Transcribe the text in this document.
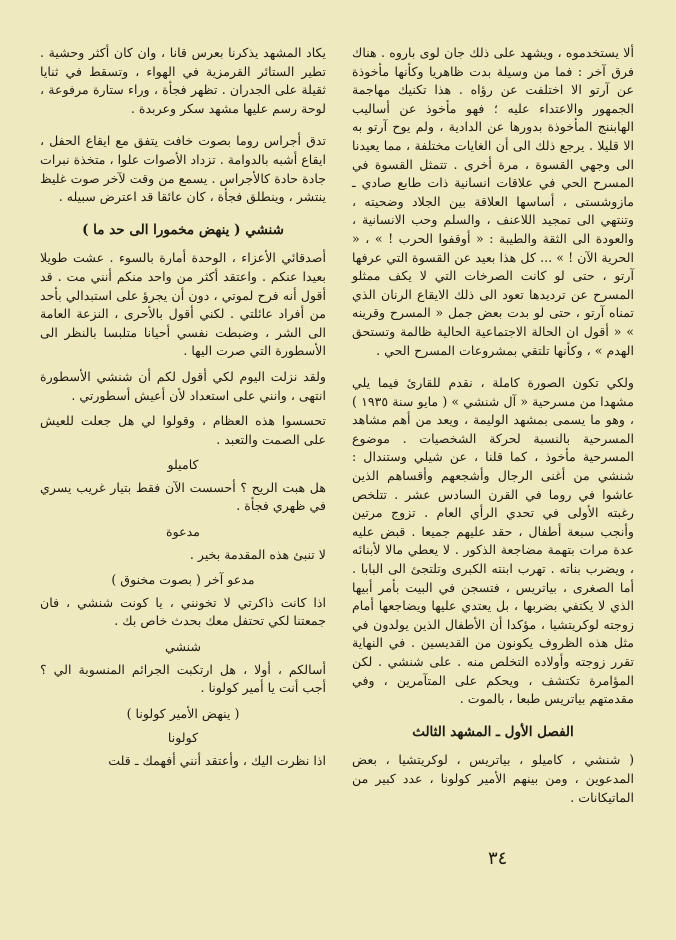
ألا يستخدموه ، ويشهد على ذلك جان لوى باروه . هناك فرق آخر : فما من وسيلة بدت ظاهريا وكأنها مأخوذة عن آرتو الا اختلفت عن رؤاه . هذا تكنيك مهاجمة الجمهور والاعتداء عليه ؛ فهو مأخوذ عن أساليب الهابننج المأخوذة بدورها عن الدادية ، ولم يوح آرتو به الا قليلا . يرجع ذلك الى أن الغايات مختلفة ، مما يعيدنا الى وجهي القسوة ، مرة أخرى . تتمثل القسوة في المسرح الحي في علاقات انسانية ذات طابع صادي ـ مازوشستى ، أساسها العلاقة بين الجلاد وضحيته ، وتنتهي الى تمجيد اللاعنف ، والسلم وحب الانسانية ، والعودة الى الثقة والطيبة : « أوقفوا الحرب ! » ، « الحرية الآن ! » ... كل هذا بعيد عن القسوة التي عرفها آرتو ، حتى لو كانت الصرخات التي لا يكف ممثلو المسرح عن ترديدها تعود الى ذلك الايقاع الرنان الذي تمناه آرتو ، حتى لو بدت بعض جمل « المسرح وقرينه » « أقول ان الحالة الاجتماعية الحالية ظالمة وتستحق الهدم » ، وكأنها تلتقي بمشروعات المسرح الحي .

ولكي تكون الصورة كاملة ، نقدم للقارئ فيما يلي مشهدا من مسرحية « آل شنشي » ( مايو سنة ١٩٣٥ ) ، وهو ما يسمى بمشهد الوليمة ، ويعد من أهم مشاهد المسرحية بالنسبة لحركة الشخصيات . موضوع المسرحية مأخوذ ، كما قلنا ، عن شيلي وستندال : شنشي من أغنى الرجال وأشجعهم وأقساهم الذين عاشوا في روما في القرن السادس عشر . تتلخص رغبته الأولى في تحدي الرأي العام . تزوج مرتين وأنجب سبعة أطفال ، حقد عليهم جميعا . قبض عليه عدة مرات بتهمة مضاجعة الذكور . لا يعطي مالا لأبنائه ، ويضرب بناته . تهرب ابنته الكبرى وتلتجئ الى البابا . أما الصغرى ، بياتريس ، فتسجن في البيت بأمر أبيها الذي لا يكتفي بضربها ، بل يعتدي عليها ويضاجعها أمام زوجته لوكريتشيا ، مؤكدا أن الأطفال الذين يولدون في مثل هذه الظروف يكونون من القديسين . في النهاية تقرر زوجته وأولاده التخلص منه . على شنشي . لكن المؤامرة تكتشف ، ويحكم على المتآمرين ، وفي مقدمتهم بياتريس طبعا ، بالموت .

الفصل الأول ـ المشهد الثالث

( شنشي ، كاميلو ، بياتريس ، لوكريتشيا ، بعض المدعوين ، ومن بينهم الأمير كولونا ، عدد كبير من الماتيكانات .

يكاد المشهد يذكرنا بعرس قانا ، وان كان أكثر وحشية . تطير الستائر القرمزية في الهواء ، وتسقط في ثنايا ثقيلة على الجدران . تظهر فجأة ، وراء ستارة مرفوعة ، لوحة رسم عليها مشهد سكر وعربدة .

تدق أجراس روما بصوت خافت يتفق مع ايقاع الحفل ، ايقاع أشبه بالدوامة . تزداد الأصوات علوا ، متخذة نبرات جادة حادة كالأجراس . يسمع من وقت لآخر صوت غليظ ينتشر ، وينطلق فجأة ، كان عائقا قد اعترض سبيله .

شنشي ( ينهض مخمورا الى حد ما )

أصدقائي الأعزاء ، الوحدة أمارة بالسوء . عشت طويلا بعيدا عنكم . واعتقد أكثر من واحد منكم أنني مت . قد أقول أنه فرح لموتي ، دون أن يجرؤ على استبدالي بأحد من أفراد عائلتي . لكني أقول بالأحرى ، النزعة العامة الى الشر ، وضبطت نفسي أحيانا متلبسا بالنظر الى الأسطورة التي صرت اليها .

ولقد نزلت اليوم لكي أقول لكم أن شنشي الأسطورة انتهى ، وانني على استعداد لأن أعيش أسطورتي .

تحسسوا هذه العظام ، وقولوا لي هل جعلت للعيش على الصمت والتعبد .

كاميلو

هل هبت الريح ؟ أحسست الآن فقط بتيار غريب يسري في ظهري فجأة .

مدعوة

لا تنبئ هذه المقدمة بخير .

مدعو آخر ( بصوت مخنوق )

اذا كانت ذاكرتي لا تخونني ، يا كونت شنشي ، فان جمعتنا لكي تحتفل معك بحدث خاص بك .

شنشي

أسالكم ، أولا ، هل ارتكبت الجرائم المنسوبة الي ؟ أجب أنت يا أمير كولونا .

( ينهض الأمير كولونا )
كولونا

اذا نظرت اليك ، وأعتقد أنني أفهمك ـ قلت

٣٤
